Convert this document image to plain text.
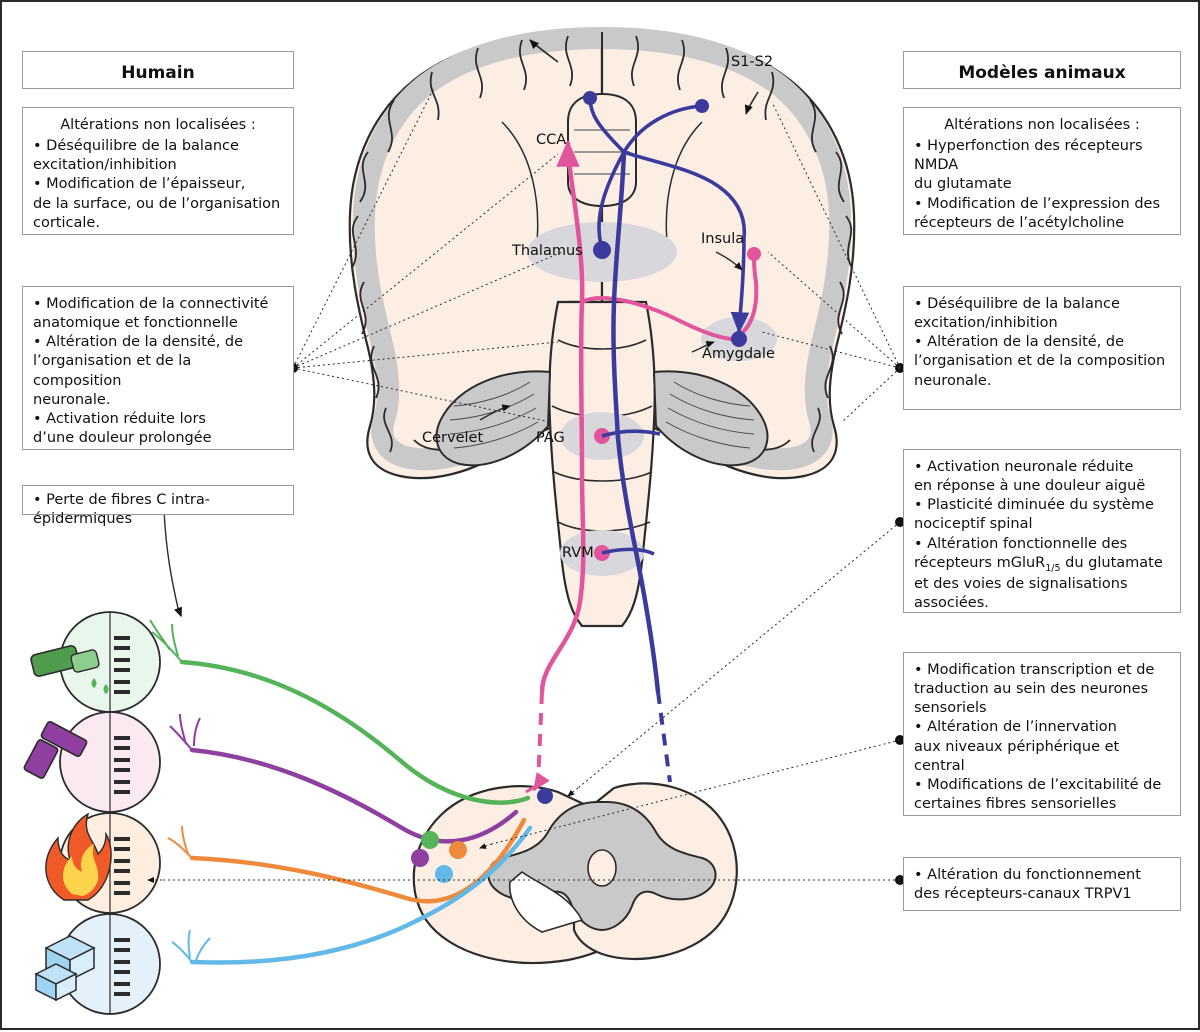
S1-S2
CCA
Thalamus
Insula
Amygdale
Cervelet	PAG
RVM
Humain

Altérations non localisées :

• Déséquilibre de la balance

excitation/inhibition

• Modification de l’épaisseur,

de la surface, ou de l’organisation

corticale.

• Modification de la connectivité

anatomique et fonctionnelle

• Altération de la densité, de

l’organisation et de la composition

neuronale.

• Activation réduite lors

d’une douleur prolongée

• Perte de fibres C intra-épidermiques

Modèles animaux

Altérations non localisées :

• Hyperfonction des récepteurs NMDA

du glutamate

• Modification de l’expression des

récepteurs de l’acétylcholine

• Déséquilibre de la balance

excitation/inhibition

• Altération de la densité, de

l’organisation et de la composition

neuronale.

• Activation neuronale réduite

en réponse à une douleur aiguë

• Plasticité diminuée du système

nociceptif spinal

• Altération fonctionnelle des

récepteurs mGluR$_{1/5}$ du glutamate

et des voies de signalisations associées.

• Modification transcription et de

traduction au sein des neurones

sensoriels

• Altération de l’innervation

aux niveaux périphérique et central

• Modifications de l’excitabilité de

certaines fibres sensorielles

• Altération du fonctionnement

des récepteurs-canaux TRPV1
